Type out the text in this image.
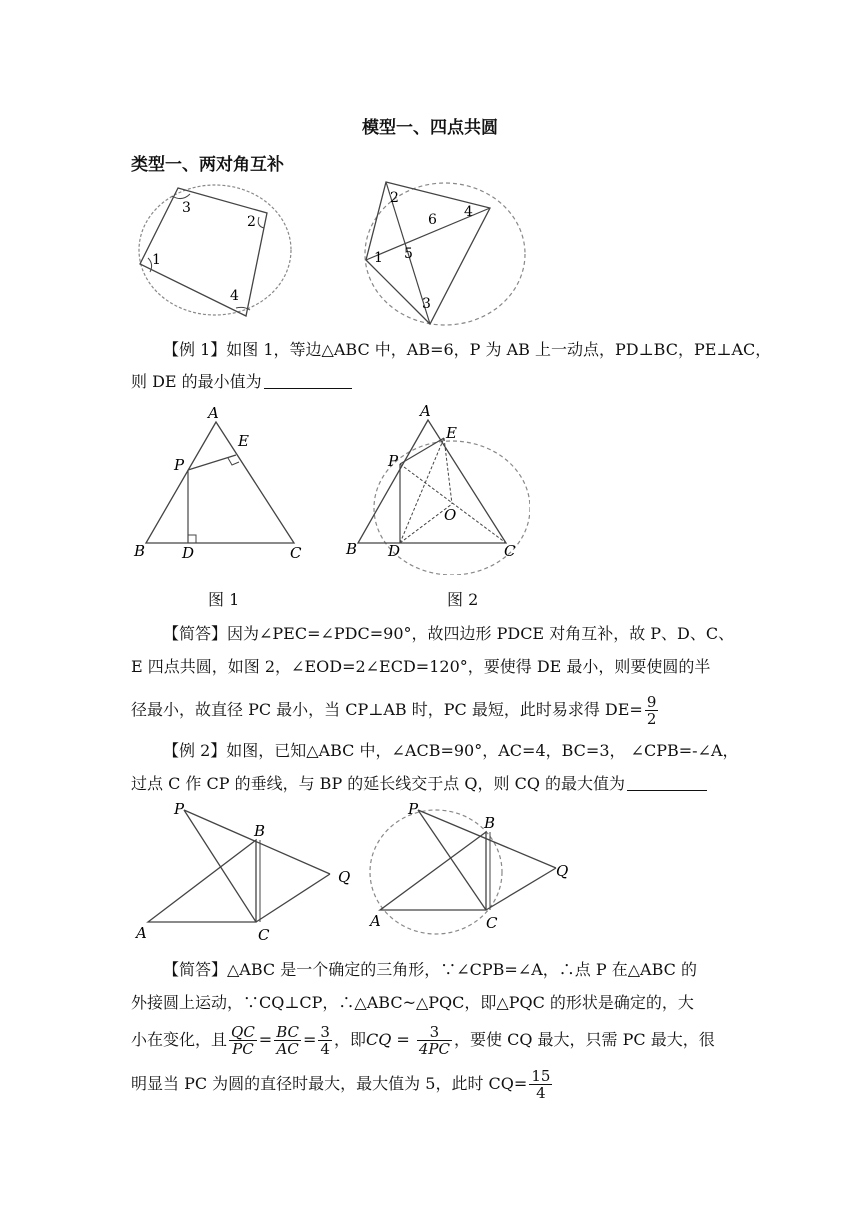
模型一、四点共圆
类型一、两对角互补
3
2
1
4
2
4
6
5
1
3
【例 1】如图 1，等边△ABC 中，AB=6，P 为 AB 上一动点，PD⊥BC，PE⊥AC，
则 DE 的最小值为
A
E
P
B D	C
A
E
P
O
B D	C
图 1	图 2
【简答】因为∠PEC=∠PDC=90°，故四边形 PDCE 对角互补，故 P、D、C、
E 四点共圆，如图 2，∠EOD=2∠ECD=120°，要使得 DE 最小，则要使圆的半
径最小，故直径 PC 最小，当 CP⊥AB 时，PC 最短，此时易求得 $DE= \frac{9}{2}$
【例 2】如图，已知△ABC 中，∠ACB=90°，AC=4，BC=3， ∠CPB=-∠A，
过点 C 作 CP 的垂线，与 BP 的延长线交于点 Q，则 CQ 的最大值为
P
B
Q
A	C
P
B
Q
A	C
【简答】△ABC 是一个确定的三角形，∵∠CPB=∠A，∴点 P 在△ABC 的
外接圆上运动，∵CQ⊥CP，∴△ABC~△PQC，即△PQC 的形状是确定的，大
小在变化，且 $\frac{QC}{PC} = \frac{BC}{AC} = \frac{3}{4}$ ，即CQ = $\frac{3}{4PC}$ ，要使 CQ 最大，只需 PC 最大，很
明显当 PC 为圆的直径时最大，最大值为 5，此时 $CQ= \frac{15}{4}$
